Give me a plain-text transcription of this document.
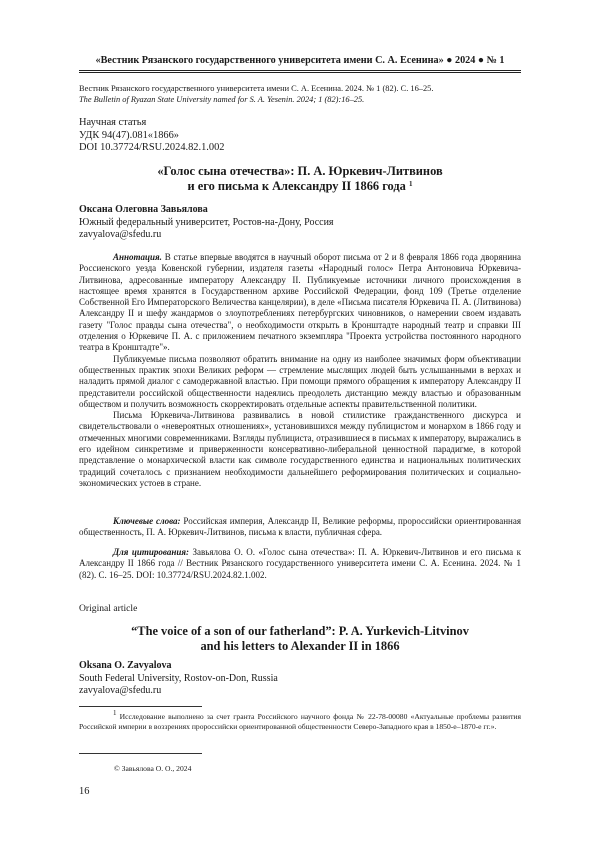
«Вестник Рязанского государственного университета имени С. А. Есенина» ● 2024 ● № 1
Вестник Рязанского государственного университета имени С. А. Есенина. 2024. № 1 (82). С. 16–25.
The Bulletin of Ryazan State University named for S. A. Yesenin. 2024; 1 (82):16–25.
Научная статья
УДК 94(47).081«1866»
DOI 10.37724/RSU.2024.82.1.002
«Голос сына отечества»: П. А. Юркевич-Литвинов
и его письма к Александру II 1866 года $^1$
Оксана Олеговна Завьялова
Южный федеральный университет, Ростов-на-Дону, Россия
zavyalova@sfedu.ru

Аннотация. В статье впервые вводятся в научный оборот письма от 2 и 8 февраля 1866 года дворянина Россиенского уезда Ковенской губернии, издателя газеты «Народный голос» Петра Антоновича Юркевича-Литвинова, адресованные императору Александру II. Публикуемые источники личного происхождения в настоящее время хранятся в Государственном архиве Российской Федерации, фонд 109 (Третье отделение Собственной Его Императорского Величества канцелярии), в деле «Письма писателя Юркевича П. А. (Литвинова) Александру II и шефу жандармов о злоупотреблениях петербургских чиновников, о намерении своем издавать газету "Голос правды сына отечества", о необходимости открыть в Кронштадте народный театр и справки III отделения о Юркевиче П. А. с приложением печатного экземпляра "Проекта устройства постоянного народного театра в Кронштадте"».

Публикуемые письма позволяют обратить внимание на одну из наиболее значимых форм объективации общественных практик эпохи Великих реформ — стремление мыслящих людей быть услышанными в верхах и наладить прямой диалог с самодержавной властью. При помощи прямого обращения к императору Александру II представители российской общественности надеялись преодолеть дистанцию между властью и образованным обществом и получить возможность скорректировать отдельные аспекты правительственной политики.

Письма Юркевича-Литвинова развивались в новой стилистике гражданственного дискурса и свидетельствовали о «невероятных отношениях», установившихся между публицистом и монархом в 1866 году и отмеченных многими современниками. Взгляды публициста, отразившиеся в письмах к императору, выражались в его идейном синкретизме и приверженности консервативно-либеральной ценностной парадигме, в которой представление о монархической власти как символе государственного единства и национальных политических традиций сочеталось с признанием необходимости дальнейшего реформирования политических и социально-экономических устоев в стране.

Ключевые слова: Российская империя, Александр II, Великие реформы, пророссийски ориентированная общественность, П. А. Юркевич-Литвинов, письма к власти, публичная сфера.
Для цитирования: Завьялова О. О. «Голос сына отечества»: П. А. Юркевич-Литвинов и его письма к Александру II 1866 года // Вестник Рязанского государственного университета имени С. А. Есенина. 2024. № 1 (82). С. 16–25. DOI: 10.37724/RSU.2024.82.1.002.
Original article
“The voice of a son of our fatherland”: P. A. Yurkevich-Litvinov
and his letters to Alexander II in 1866
Oksana O. Zavyalova
South Federal University, Rostov-on-Don, Russia
zavyalova@sfedu.ru
$^1$ Исследование выполнено за счет гранта Российского научного фонда № 22-78-00080 «Актуальные проблемы развития Российской империи в воззрениях пророссийски ориентированной общественности Северо-Западного края в 1850-е–1870-е гг.».
© Завьялова О. О., 2024
16
